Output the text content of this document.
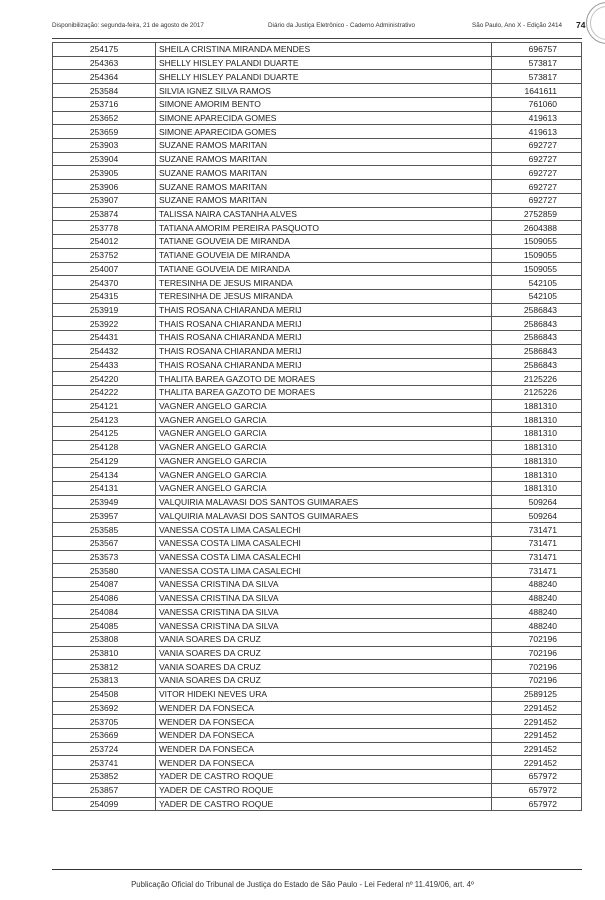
Disponibilização: segunda-feira, 21 de agosto de 2017	Diário da Justiça Eletrônico - Caderno Administrativo	São Paulo, Ano X - Edição 2414 74
254175	SHEILA CRISTINA MIRANDA MENDES	696757
254363	SHELLY HISLEY PALANDI DUARTE	573817
254364	SHELLY HISLEY PALANDI DUARTE	573817
253584	SILVIA IGNEZ SILVA RAMOS	1641611
253716	SIMONE AMORIM BENTO	761060
253652	SIMONE APARECIDA GOMES	419613
253659	SIMONE APARECIDA GOMES	419613
253903	SUZANE RAMOS MARITAN	692727
253904	SUZANE RAMOS MARITAN	692727
253905	SUZANE RAMOS MARITAN	692727
253906	SUZANE RAMOS MARITAN	692727
253907	SUZANE RAMOS MARITAN	692727
253874	TALISSA NAIRA CASTANHA ALVES	2752859
253778	TATIANA AMORIM PEREIRA PASQUOTO	2604388
254012	TATIANE GOUVEIA DE MIRANDA	1509055
253752	TATIANE GOUVEIA DE MIRANDA	1509055
254007	TATIANE GOUVEIA DE MIRANDA	1509055
254370	TERESINHA DE JESUS MIRANDA	542105
254315	TERESINHA DE JESUS MIRANDA	542105
253919	THAIS ROSANA CHIARANDA MERIJ	2586843
253922	THAIS ROSANA CHIARANDA MERIJ	2586843
254431	THAIS ROSANA CHIARANDA MERIJ	2586843
254432	THAIS ROSANA CHIARANDA MERIJ	2586843
254433	THAIS ROSANA CHIARANDA MERIJ	2586843
254220	THALITA BAREA GAZOTO DE MORAES	2125226
254222	THALITA BAREA GAZOTO DE MORAES	2125226
254121	VAGNER ANGELO GARCIA	1881310
254123	VAGNER ANGELO GARCIA	1881310
254125	VAGNER ANGELO GARCIA	1881310
254128	VAGNER ANGELO GARCIA	1881310
254129	VAGNER ANGELO GARCIA	1881310
254134	VAGNER ANGELO GARCIA	1881310
254131	VAGNER ANGELO GARCIA	1881310
253949	VALQUIRIA MALAVASI DOS SANTOS GUIMARAES	509264
253957	VALQUIRIA MALAVASI DOS SANTOS GUIMARAES	509264
253585	VANESSA COSTA LIMA CASALECHI	731471
253567	VANESSA COSTA LIMA CASALECHI	731471
253573	VANESSA COSTA LIMA CASALECHI	731471
253580	VANESSA COSTA LIMA CASALECHI	731471
254087	VANESSA CRISTINA DA SILVA	488240
254086	VANESSA CRISTINA DA SILVA	488240
254084	VANESSA CRISTINA DA SILVA	488240
254085	VANESSA CRISTINA DA SILVA	488240
253808	VANIA SOARES DA CRUZ	702196
253810	VANIA SOARES DA CRUZ	702196
253812	VANIA SOARES DA CRUZ	702196
253813	VANIA SOARES DA CRUZ	702196
254508	VITOR HIDEKI NEVES URA	2589125
253692	WENDER DA FONSECA	2291452
253705	WENDER DA FONSECA	2291452
253669	WENDER DA FONSECA	2291452
253724	WENDER DA FONSECA	2291452
253741	WENDER DA FONSECA	2291452
253852	YADER DE CASTRO ROQUE	657972
253857	YADER DE CASTRO ROQUE	657972
254099	YADER DE CASTRO ROQUE	657972
Publicação Oficial do Tribunal de Justiça do Estado de São Paulo - Lei Federal nº 11.419/06, art. 4º
